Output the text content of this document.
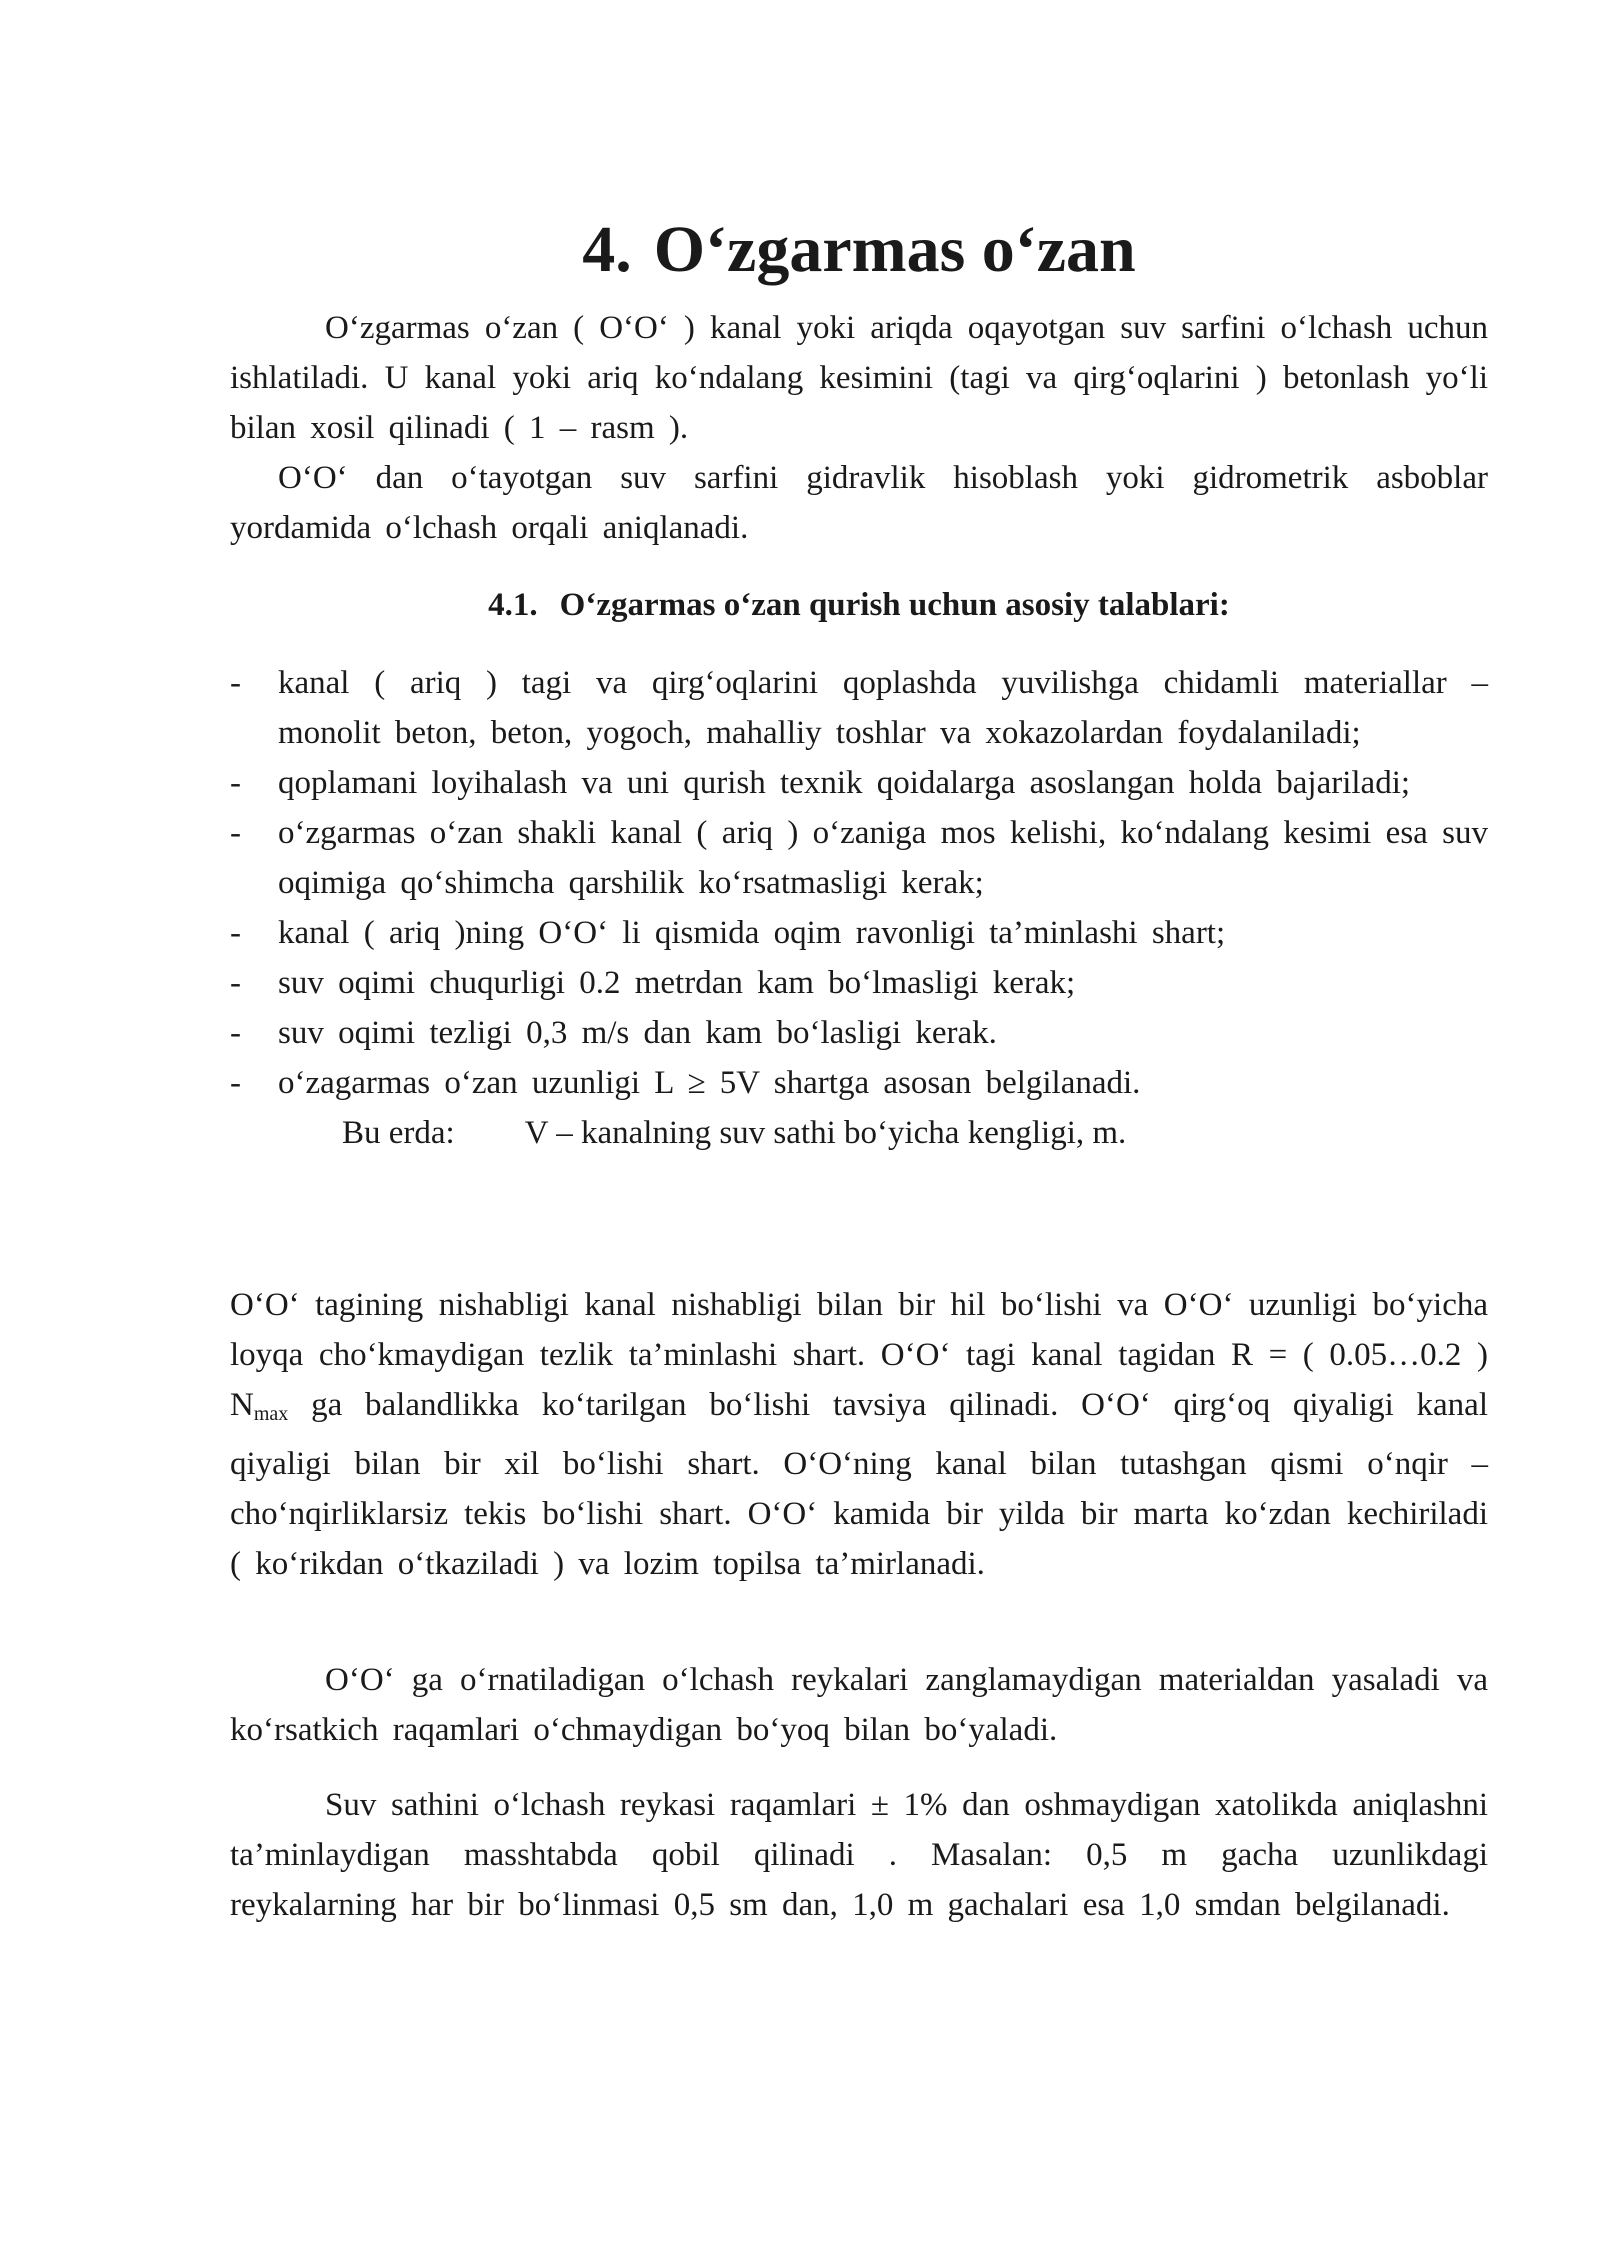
4. O‘zgarmas o‘zan

O‘zgarmas o‘zan ( O‘O‘ ) kanal yoki ariqda oqayotgan suv sarfini o‘lchash uchun ishlatiladi. U kanal yoki ariq ko‘ndalang kesimini (tagi va qirg‘oqlarini ) betonlash yo‘li bilan xosil qilinadi ( 1 – rasm ).

O‘O‘ dan o‘tayotgan suv sarfini gidravlik hisoblash yoki gidrometrik asboblar yordamida o‘lchash orqali aniqlanadi.

4.1. O‘zgarmas o‘zan qurish uchun asosiy talablari:
- kanal ( ariq ) tagi va qirg‘oqlarini qoplashda yuvilishga chidamli materiallar – monolit beton, beton, yogoch, mahalliy toshlar va xokazolardan foydalaniladi;
- qoplamani loyihalash va uni qurish texnik qoidalarga asoslangan holda bajariladi;
- o‘zgarmas o‘zan shakli kanal ( ariq ) o‘zaniga mos kelishi, ko‘ndalang kesimi esa suv oqimiga qo‘shimcha qarshilik ko‘rsatmasligi kerak;
- kanal ( ariq )ning O‘O‘ li qismida oqim ravonligi ta’minlashi shart;
- suv oqimi chuqurligi 0.2 metrdan kam bo‘lmasligi kerak;
- suv oqimi tezligi 0,3 m/s dan kam bo‘lasligi kerak.
- o‘zagarmas o‘zan uzunligi L ≥ 5V shartga asosan belgilanadi.

Bu erda: V – kanalning suv sathi bo‘yicha kengligi, m.

O‘O‘ tagining nishabligi kanal nishabligi bilan bir hil bo‘lishi va O‘O‘ uzunligi bo‘yicha loyqa cho‘kmaydigan tezlik ta’minlashi shart. O‘O‘ tagi kanal tagidan R = ( 0.05…0.2 ) $N_{max}$ ga balandlikka ko‘tarilgan bo‘lishi tavsiya qilinadi. O‘O‘ qirg‘oq qiyaligi kanal qiyaligi bilan bir xil bo‘lishi shart. O‘O‘ning kanal bilan tutashgan qismi o‘nqir – cho‘nqirliklarsiz tekis bo‘lishi shart. O‘O‘ kamida bir yilda bir marta ko‘zdan kechiriladi ( ko‘rikdan o‘tkaziladi ) va lozim topilsa ta’mirlanadi.

O‘O‘ ga o‘rnatiladigan o‘lchash reykalari zanglamaydigan materialdan yasaladi va ko‘rsatkich raqamlari o‘chmaydigan bo‘yoq bilan bo‘yaladi.

Suv sathini o‘lchash reykasi raqamlari ± 1% dan oshmaydigan xatolikda aniqlashni ta’minlaydigan masshtabda qobil qilinadi . Masalan: 0,5 m gacha uzunlikdagi reykalarning har bir bo‘linmasi 0,5 sm dan, 1,0 m gachalari esa 1,0 smdan belgilanadi.
